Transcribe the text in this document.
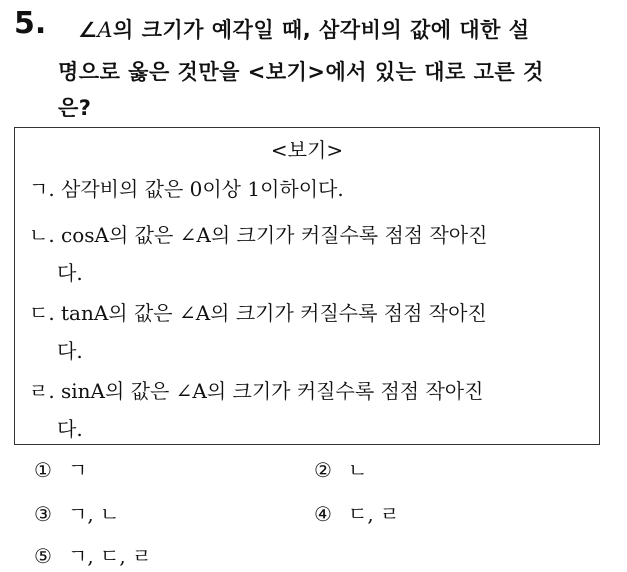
5. ∠A의 크기가 예각일 때, 삼각비의 값에 대한 설
명으로 옳은 것만을 <보기>에서 있는 대로 고른 것
은?
<보기>
ㄱ. 삼각비의 값은 0이상 1이하이다.
ㄴ. cosA의 값은 ∠A의 크기가 커질수록 점점 작아진
다.
ㄷ. tanA의 값은 ∠A의 크기가 커질수록 점점 작아진
다.
ㄹ. sinA의 값은 ∠A의 크기가 커질수록 점점 작아진
다.
① ㄱ	② ㄴ
③ ㄱ, ㄴ	④ ㄷ, ㄹ
⑤ ㄱ, ㄷ, ㄹ
